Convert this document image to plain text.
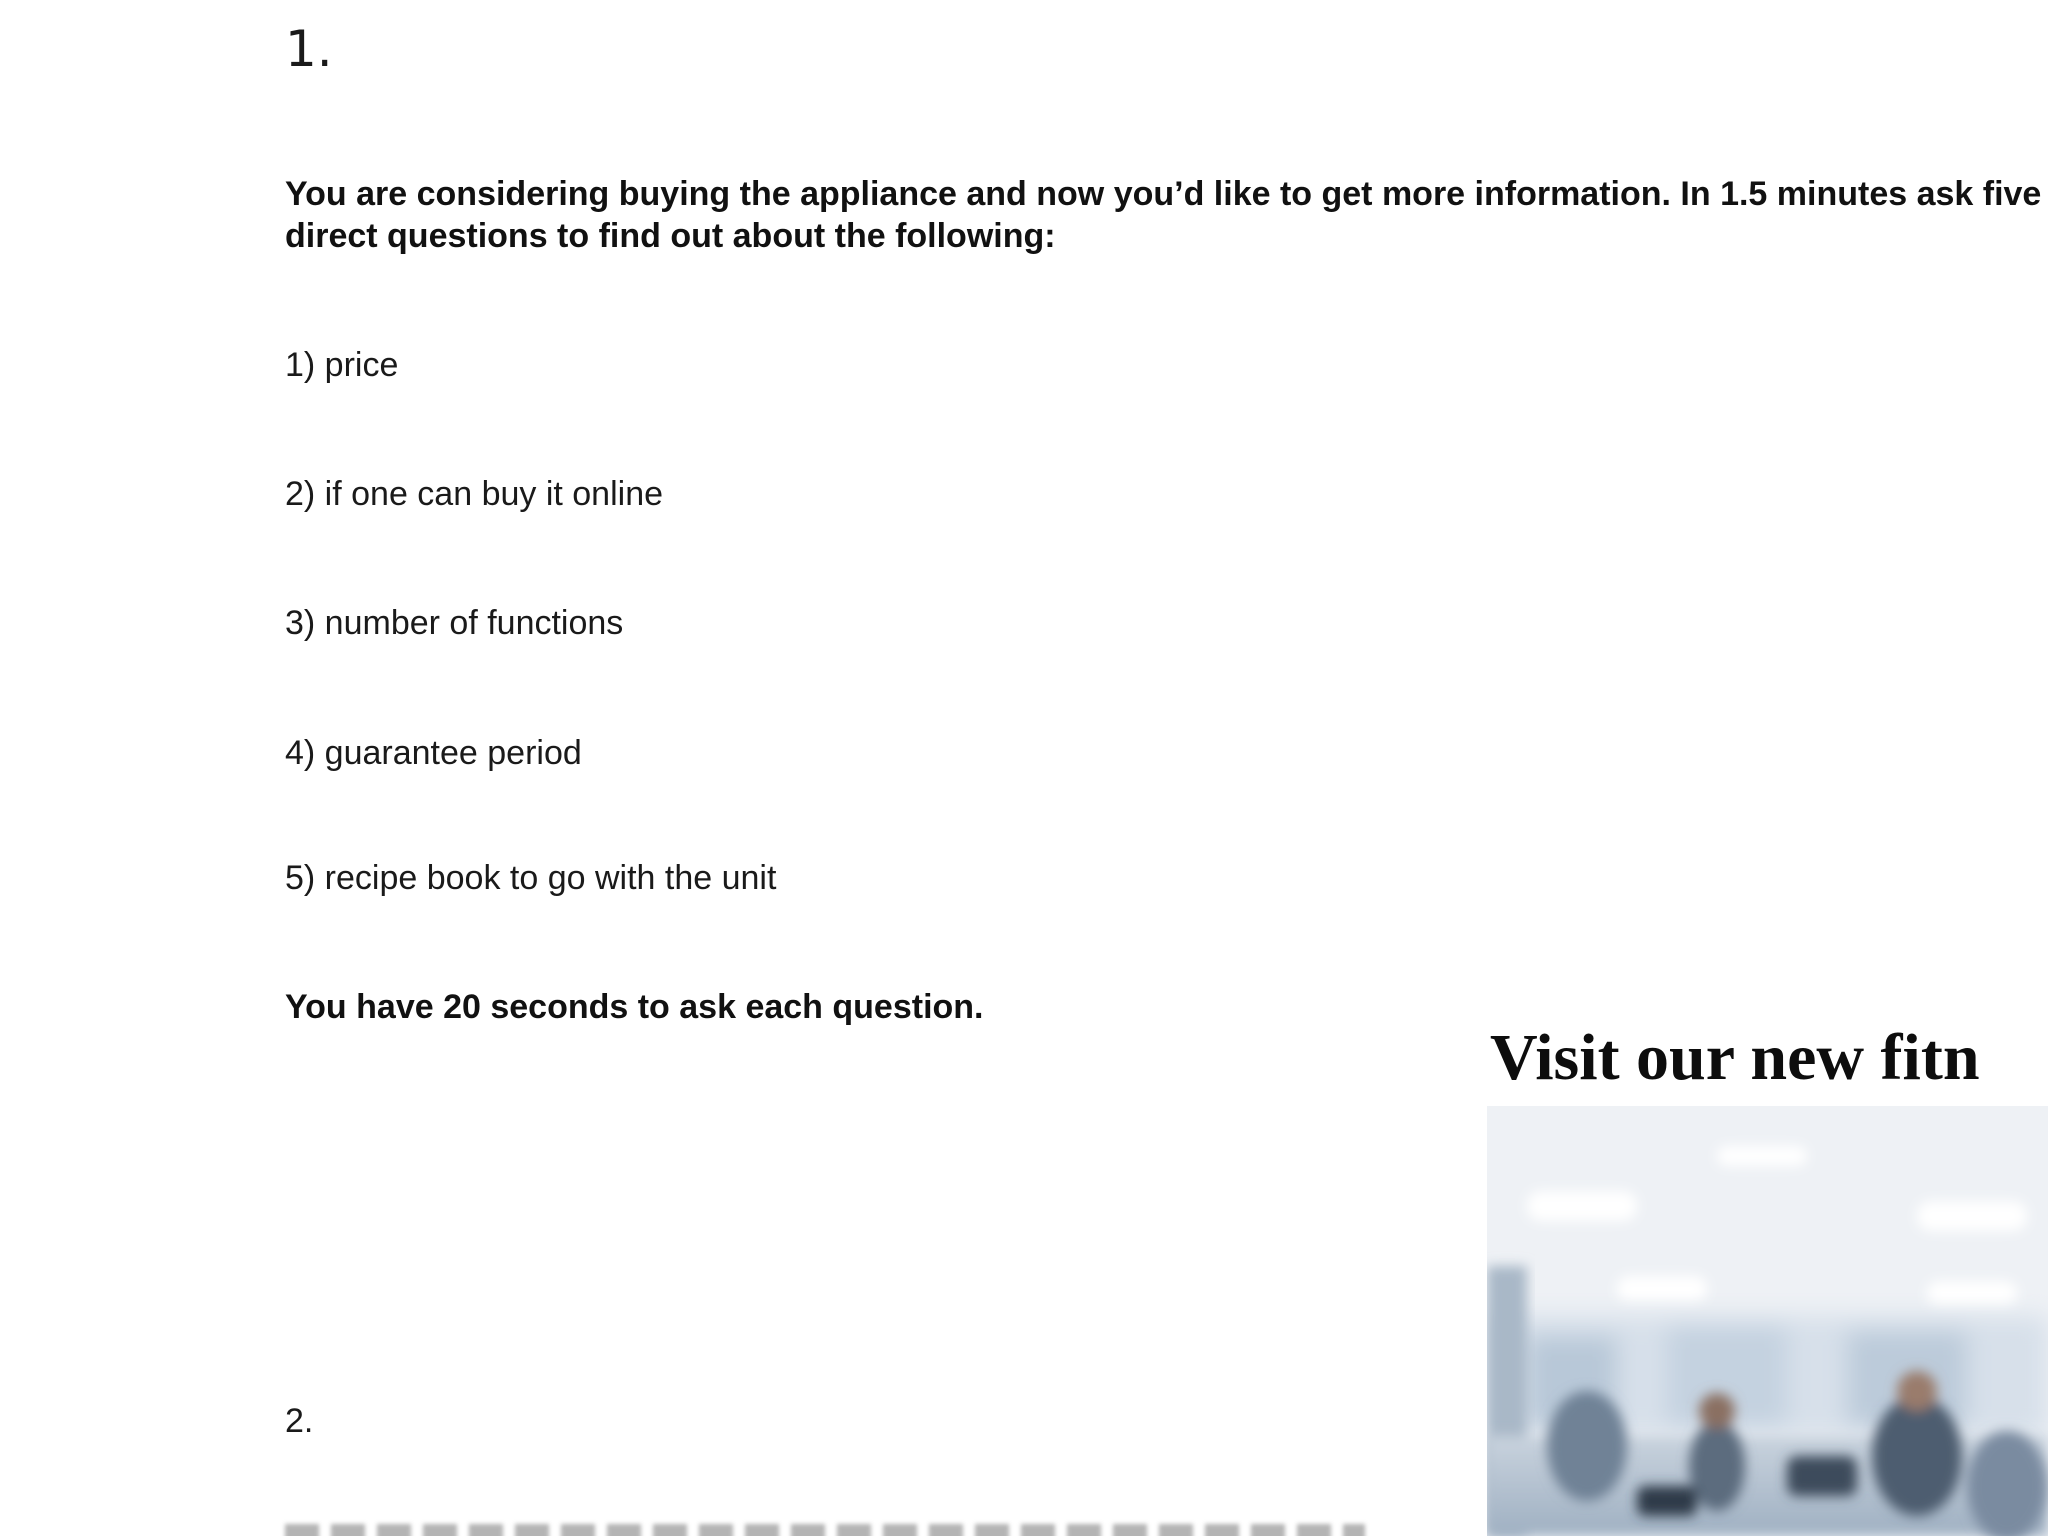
1.
You are considering buying the appliance and now you’d like to get more information. In 1.5 minutes ask five direct questions to find out about the following:
1) price
2) if one can buy it online
3) number of functions
4) guarantee period
5) recipe book to go with the unit
You have 20 seconds to ask each question.
2.
Visit our new fitn
